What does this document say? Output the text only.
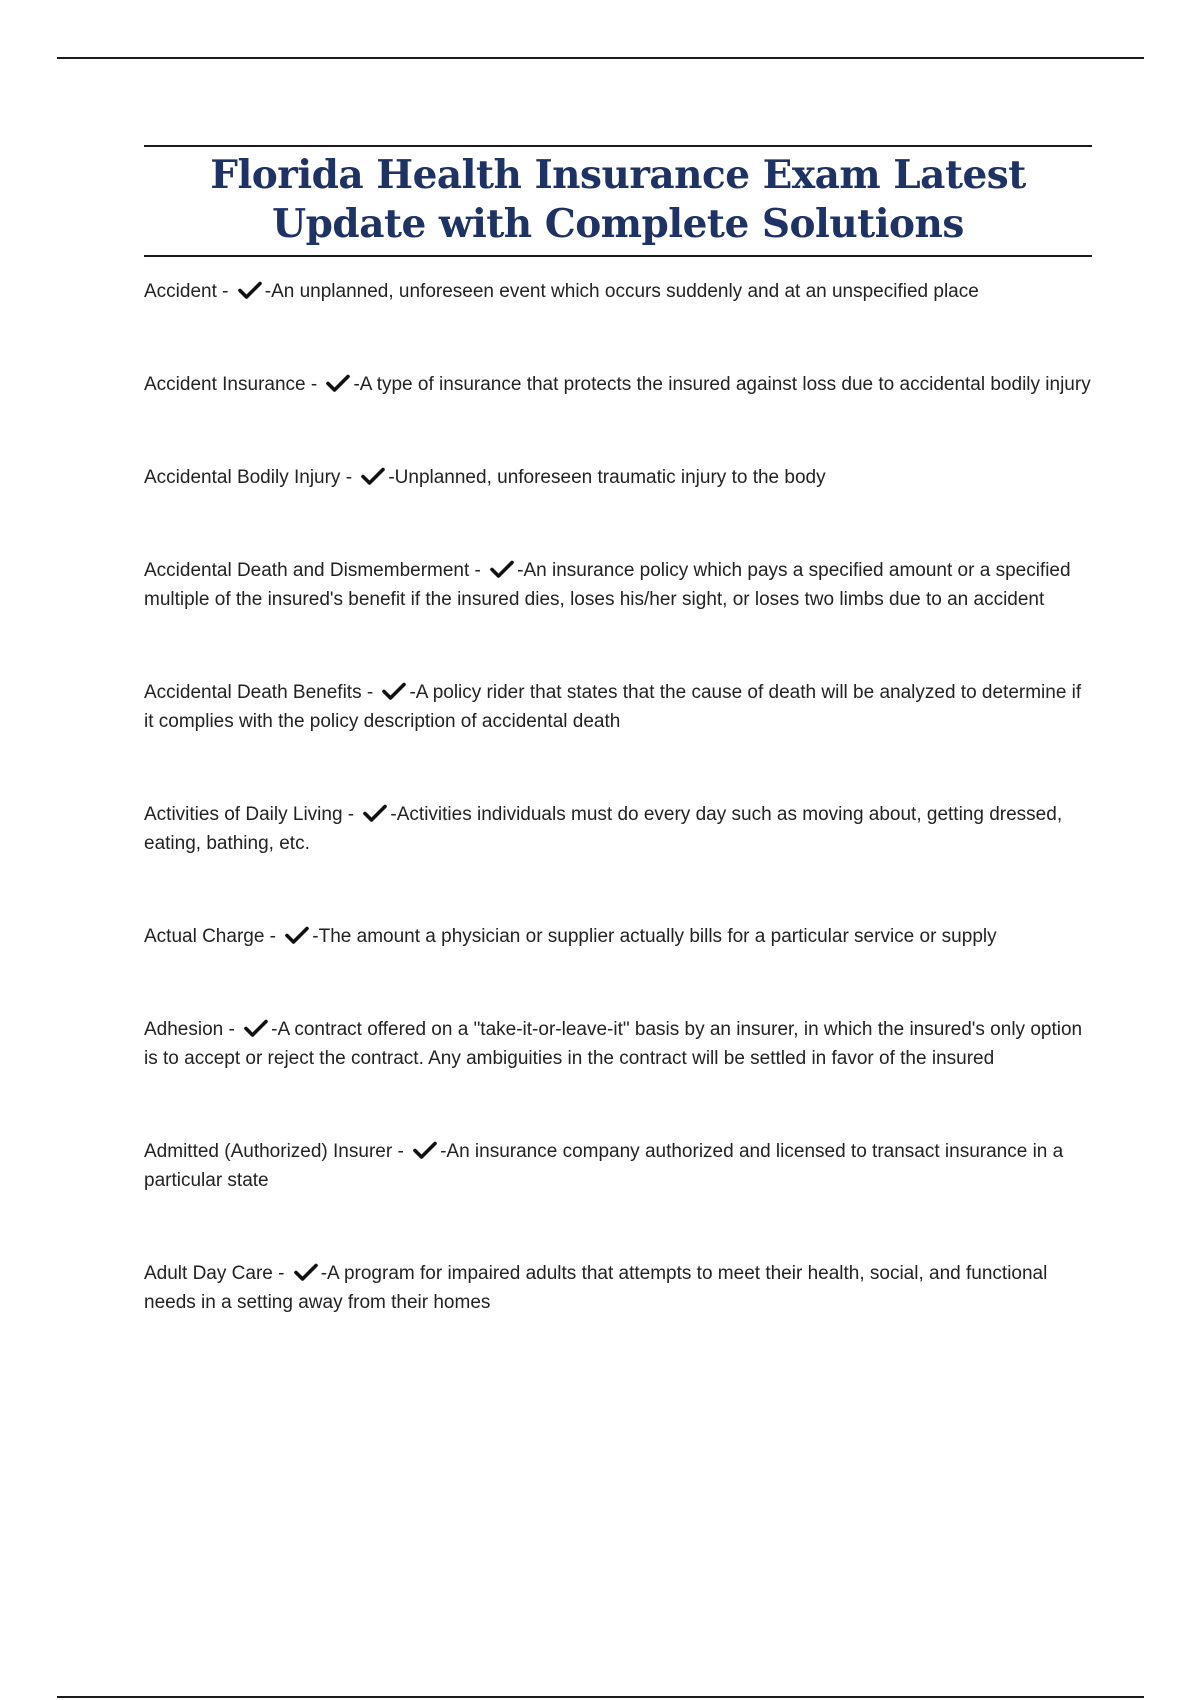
Florida Health Insurance Exam Latest
Update with Complete Solutions
Accident -
-An unplanned, unforeseen event which occurs suddenly and at an unspecified place
Accident Insurance -
-A type of insurance that protects the insured against loss due to accidental bodily injury
Accidental Bodily Injury -
-Unplanned, unforeseen traumatic injury to the body
Accidental Death and Dismemberment -
-An insurance policy which pays a specified amount or a specified multiple of the insured's benefit if the insured dies, loses his/her sight, or loses two limbs due to an accident
Accidental Death Benefits -
-A policy rider that states that the cause of death will be analyzed to determine if it complies with the policy description of accidental death
Activities of Daily Living -
-Activities individuals must do every day such as moving about, getting dressed, eating, bathing, etc.
Actual Charge -
-The amount a physician or supplier actually bills for a particular service or supply
Adhesion -
-A contract offered on a "take-it-or-leave-it" basis by an insurer, in which the insured's only option is to accept or reject the contract. Any ambiguities in the contract will be settled in favor of the insured
Admitted (Authorized) Insurer -
-An insurance company authorized and licensed to transact insurance in a particular state
Adult Day Care -
-A program for impaired adults that attempts to meet their health, social, and functional needs in a setting away from their homes
